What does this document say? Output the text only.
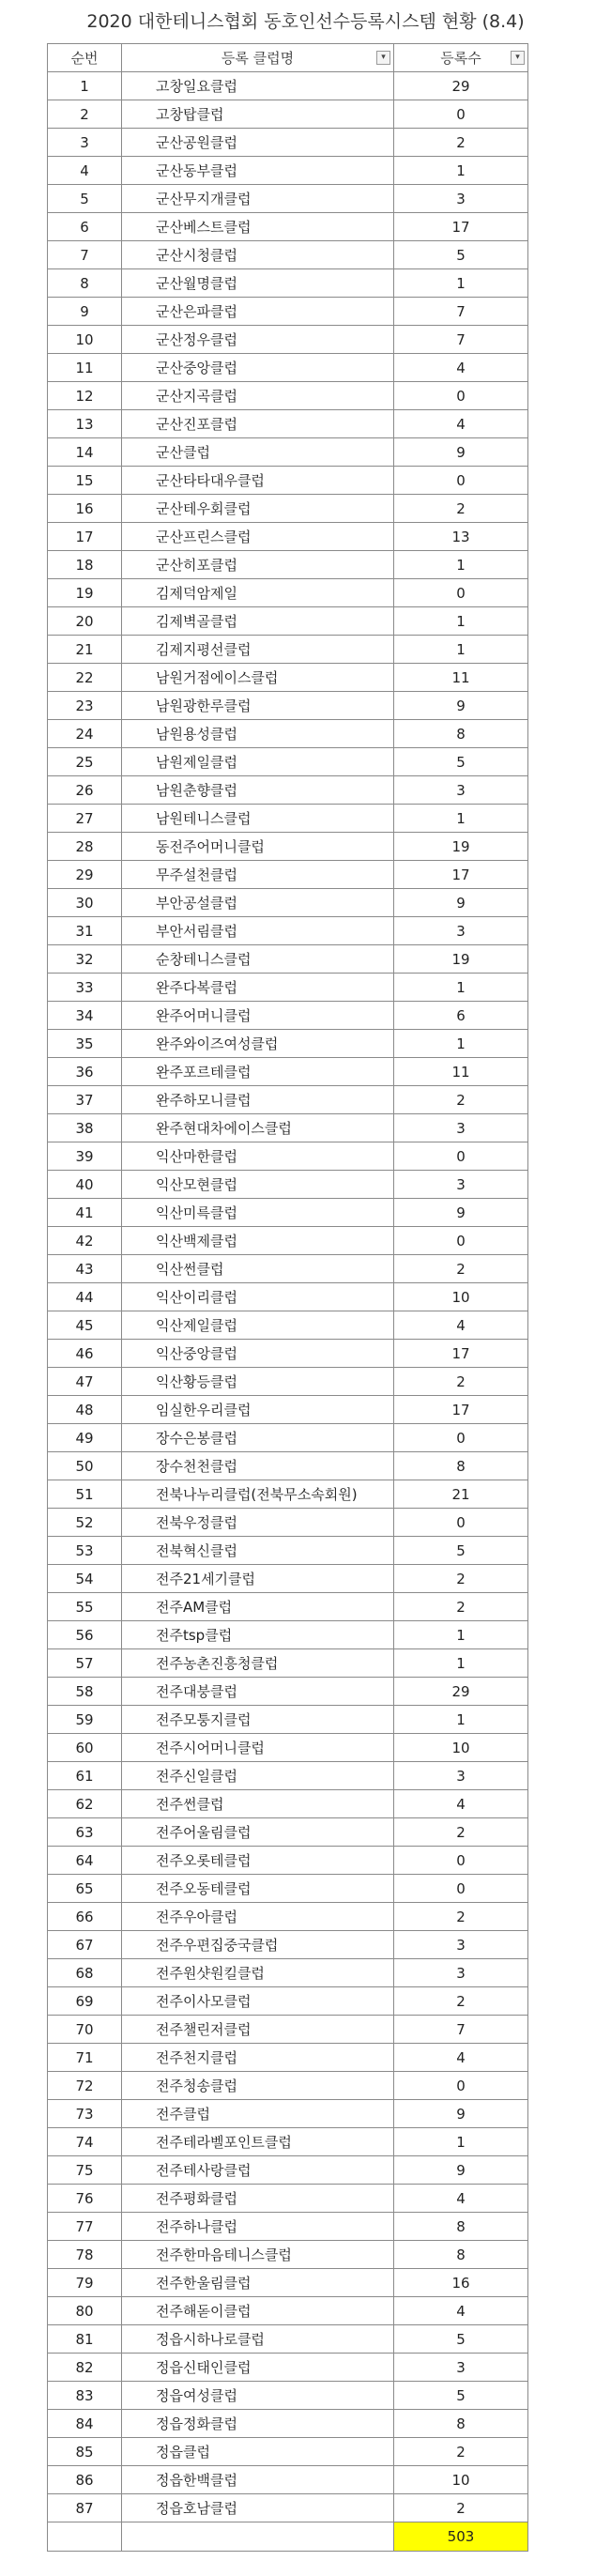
2020 대한테니스협회 동호인선수등록시스템 현황 (8.4)
순번	등록 클럽명 ▾	등록수 ▾

1	고창일요클럽	29
2	고창탑클럽	0
3	군산공원클럽	2
4	군산동부클럽	1
5	군산무지개클럽	3
6	군산베스트클럽	17
7	군산시청클럽	5
8	군산월명클럽	1
9	군산은파클럽	7
10	군산정우클럽	7
11	군산중앙클럽	4
12	군산지곡클럽	0
13	군산진포클럽	4
14	군산클럽	9
15	군산타타대우클럽	0
16	군산테우회클럽	2
17	군산프린스클럽	13
18	군산히포클럽	1
19	김제덕암제일	0
20	김제벽골클럽	1
21	김제지평선클럽	1
22	남원거점에이스클럽	11
23	남원광한루클럽	9
24	남원용성클럽	8
25	남원제일클럽	5
26	남원춘향클럽	3
27	남원테니스클럽	1
28	동전주어머니클럽	19
29	무주설천클럽	17
30	부안공설클럽	9
31	부안서림클럽	3
32	순창테니스클럽	19
33	완주다복클럽	1
34	완주어머니클럽	6
35	완주와이즈여성클럽	1
36	완주포르테클럽	11
37	완주하모니클럽	2
38	완주현대차에이스클럽	3
39	익산마한클럽	0
40	익산모현클럽	3
41	익산미륵클럽	9
42	익산백제클럽	0
43	익산썬클럽	2
44	익산이리클럽	10
45	익산제일클럽	4
46	익산중앙클럽	17
47	익산황등클럽	2
48	임실한우리클럽	17
49	장수은봉클럽	0
50	장수천천클럽	8
51	전북나누리클럽(전북무소속회원)	21
52	전북우정클럽	0
53	전북혁신클럽	5
54	전주21세기클럽	2
55	전주AM클럽	2
56	전주tsp클럽	1
57	전주농촌진흥청클럽	1
58	전주대붕클럽	29
59	전주모퉁지클럽	1
60	전주시어머니클럽	10
61	전주신일클럽	3
62	전주썬클럽	4
63	전주어울림클럽	2
64	전주오롯테클럽	0
65	전주오동테클럽	0
66	전주우아클럽	2
67	전주우편집중국클럽	3
68	전주원샷원킬클럽	3
69	전주이사모클럽	2
70	전주챌린저클럽	7
71	전주천지클럽	4
72	전주청송클럽	0
73	전주클럽	9
74	전주테라벨포인트클럽	1
75	전주테사랑클럽	9
76	전주평화클럽	4
77	전주하나클럽	8
78	전주한마음테니스클럽	8
79	전주한울림클럽	16
80	전주해돋이클럽	4
81	정읍시하나로클럽	5
82	정읍신태인클럽	3
83	정읍여성클럽	5
84	정읍정화클럽	8
85	정읍클럽	2
86	정읍한백클럽	10
87	정읍호남클럽	2
		503
